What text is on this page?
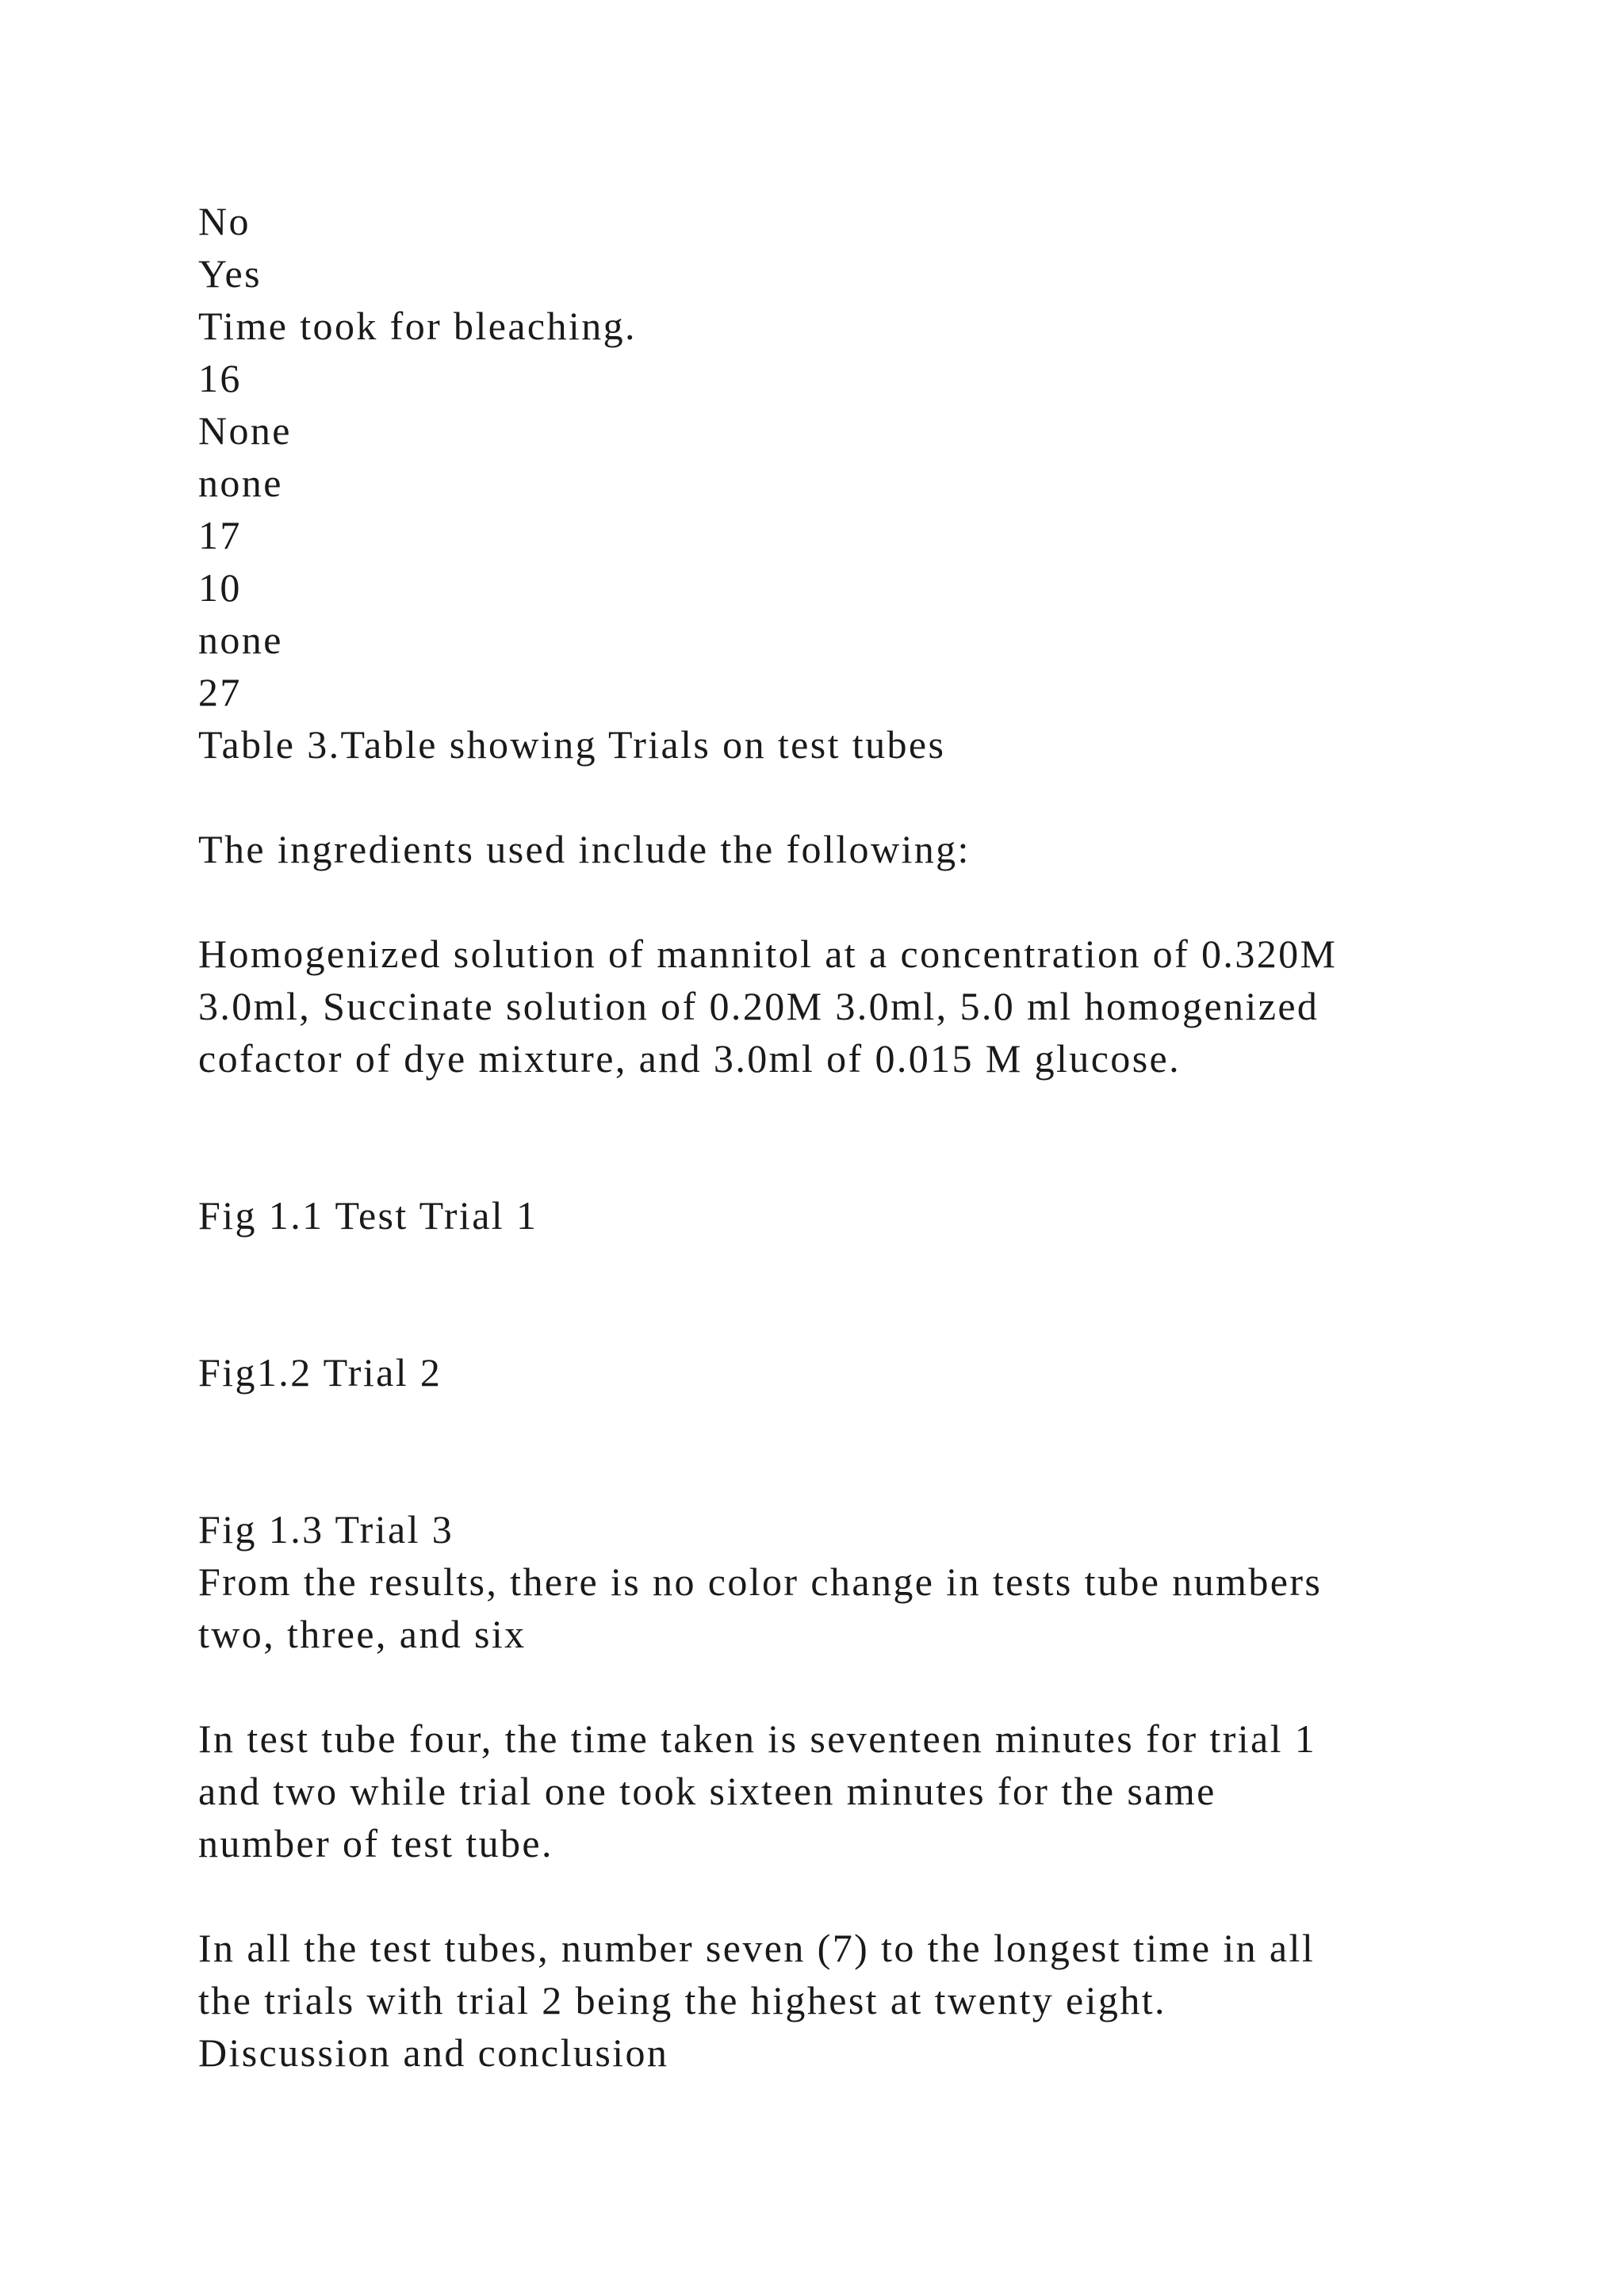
No
Yes
Time took for bleaching.
16
None
none
17
10
none
27
Table 3.Table showing Trials on test tubes
The ingredients used include the following:
Homogenized solution of mannitol at a concentration of 0.320M
3.0ml, Succinate solution of 0.20M 3.0ml, 5.0 ml homogenized
cofactor of dye mixture, and 3.0ml of 0.015 M glucose.
Fig 1.1 Test Trial 1
Fig1.2 Trial 2
Fig 1.3 Trial 3
From the results, there is no color change in tests tube numbers
two, three, and six
In test tube four, the time taken is seventeen minutes for trial 1
and two while trial one took sixteen minutes for the same
number of test tube.
In all the test tubes, number seven (7) to the longest time in all
the trials with trial 2 being the highest at twenty eight.
Discussion and conclusion
